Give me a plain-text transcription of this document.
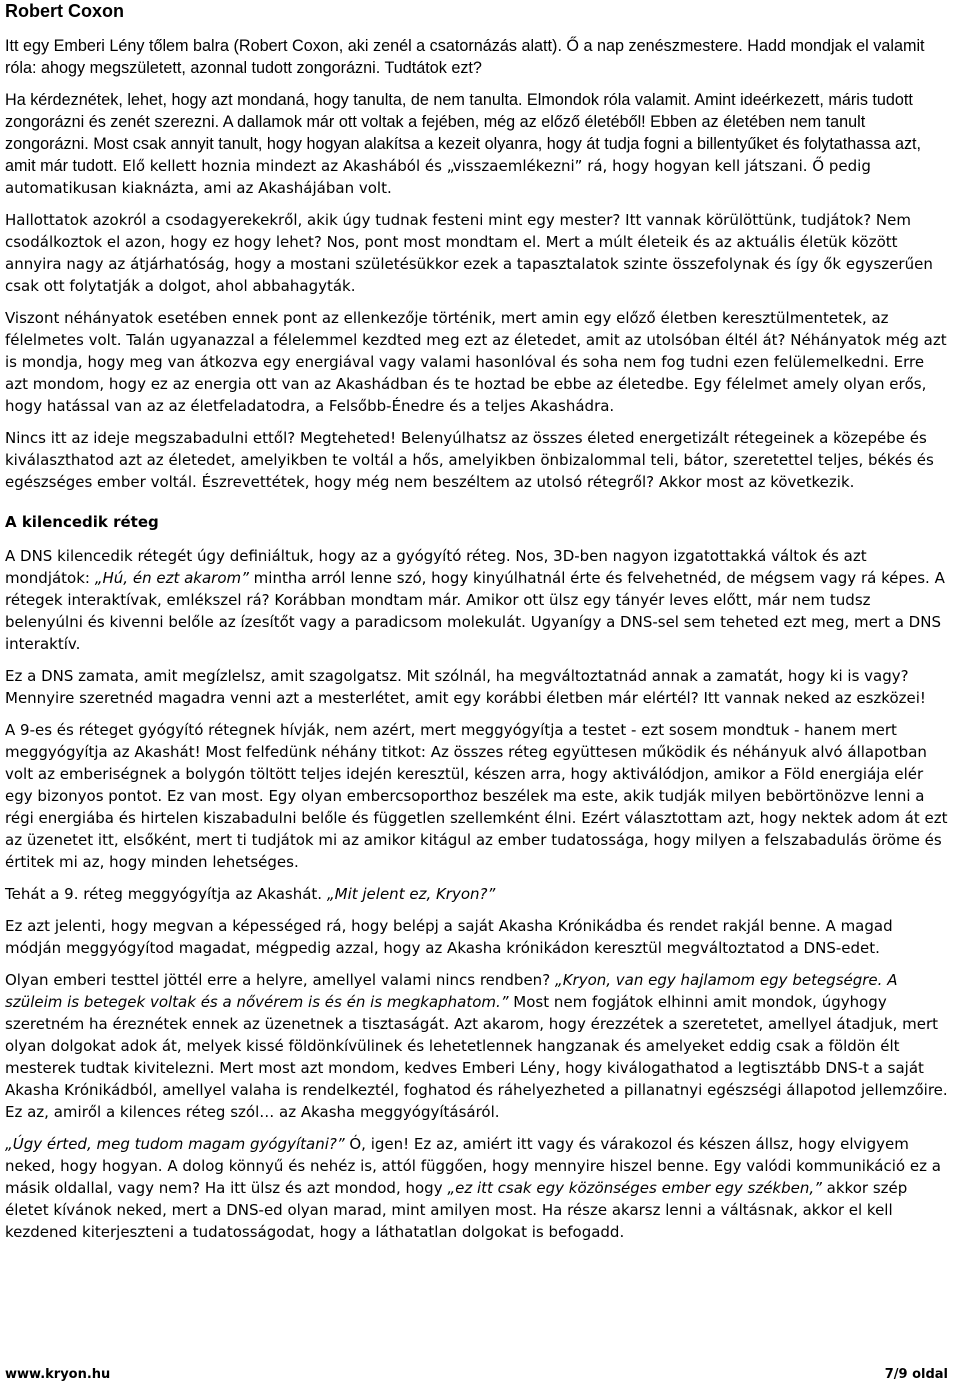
Robert Coxon

Itt egy Emberi Lény tőlem balra (Robert Coxon, aki zenél a csatornázás alatt). Ő a nap zenészmestere. Hadd mondjak el valamit róla: ahogy megszületett, azonnal tudott zongorázni. Tudtátok ezt?

Ha kérdeznétek, lehet, hogy azt mondaná, hogy tanulta, de nem tanulta. Elmondok róla valamit. Amint ideérkezett, máris tudott zongorázni és zenét szerezni. A dallamok már ott voltak a fejében, még az előző életéből! Ebben az életében nem tanult zongorázni. Most csak annyit tanult, hogy hogyan alakítsa a kezeit olyanra, hogy át tudja fogni a billentyűket és folytathassa azt, amit már tudott. Elő kellett hoznia mindezt az Akashából és „visszaemlékezni” rá, hogy hogyan kell játszani. Ő pedig automatikusan kiaknázta, ami az Akashájában volt.

Hallottatok azokról a csodagyerekekről, akik úgy tudnak festeni mint egy mester? Itt vannak körülöttünk, tudjátok? Nem csodálkoztok el azon, hogy ez hogy lehet? Nos, pont most mondtam el. Mert a múlt életeik és az aktuális életük között annyira nagy az átjárhatóság, hogy a mostani születésükkor ezek a tapasztalatok szinte összefolynak és így ők egyszerűen csak ott folytatják a dolgot, ahol abbahagyták.

Viszont néhányatok esetében ennek pont az ellenkezője történik, mert amin egy előző életben keresztülmentetek, az félelmetes volt. Talán ugyanazzal a félelemmel kezdted meg ezt az életedet, amit az utolsóban éltél át? Néhányatok még azt is mondja, hogy meg van átkozva egy energiával vagy valami hasonlóval és soha nem fog tudni ezen felülemelkedni. Erre azt mondom, hogy ez az energia ott van az Akashádban és te hoztad be ebbe az életedbe. Egy félelmet amely olyan erős, hogy hatással van az az életfeladatodra, a Felsőbb-Énedre és a teljes Akashádra.

Nincs itt az ideje megszabadulni ettől? Megteheted! Belenyúlhatsz az összes életed energetizált rétegeinek a közepébe és kiválaszthatod azt az életedet, amelyikben te voltál a hős, amelyikben önbizalommal teli, bátor, szeretettel teljes, békés és egészséges ember voltál. Észrevettétek, hogy még nem beszéltem az utolsó rétegről? Akkor most az következik.

A kilencedik réteg

A DNS kilencedik rétegét úgy definiáltuk, hogy az a gyógyító réteg. Nos, 3D-ben nagyon izgatottakká váltok és azt mondjátok: „Hú, én ezt akarom” mintha arról lenne szó, hogy kinyúlhatnál érte és felvehetnéd, de mégsem vagy rá képes. A rétegek interaktívak, emlékszel rá? Korábban mondtam már. Amikor ott ülsz egy tányér leves előtt, már nem tudsz belenyúlni és kivenni belőle az ízesítőt vagy a paradicsom molekulát. Ugyanígy a DNS-sel sem teheted ezt meg, mert a DNS interaktív.

Ez a DNS zamata, amit megízlelsz, amit szagolgatsz. Mit szólnál, ha megváltoztatnád annak a zamatát, hogy ki is vagy? Mennyire szeretnéd magadra venni azt a mesterlétet, amit egy korábbi életben már elértél? Itt vannak neked az eszközei!

A 9-es és réteget gyógyító rétegnek hívják, nem azért, mert meggyógyítja a testet - ezt sosem mondtuk - hanem mert meggyógyítja az Akashát! Most felfedünk néhány titkot: Az összes réteg együttesen működik és néhányuk alvó állapotban volt az emberiségnek a bolygón töltött teljes idején keresztül, készen arra, hogy aktiválódjon, amikor a Föld energiája elér egy bizonyos pontot. Ez van most. Egy olyan embercsoporthoz beszélek ma este, akik tudják milyen bebörtönözve lenni a régi energiába és hirtelen kiszabadulni belőle és független szellemként élni. Ezért választottam azt, hogy nektek adom át ezt az üzenetet itt, elsőként, mert ti tudjátok mi az amikor kitágul az ember tudatossága, hogy milyen a felszabadulás öröme és értitek mi az, hogy minden lehetséges.

Tehát a 9. réteg meggyógyítja az Akashát. „Mit jelent ez, Kryon?”

Ez azt jelenti, hogy megvan a képességed rá, hogy belépj a saját Akasha Krónikádba és rendet rakjál benne. A magad módján meggyógyítod magadat, mégpedig azzal, hogy az Akasha krónikádon keresztül megváltoztatod a DNS-edet.

Olyan emberi testtel jöttél erre a helyre, amellyel valami nincs rendben? „Kryon, van egy hajlamom egy betegségre. A szüleim is betegek voltak és a nővérem is és én is megkaphatom.” Most nem fogjátok elhinni amit mondok, úgyhogy szeretném ha éreznétek ennek az üzenetnek a tisztaságát. Azt akarom, hogy érezzétek a szeretetet, amellyel átadjuk, mert olyan dolgokat adok át, melyek kissé földönkívülinek és lehetetlennek hangzanak és amelyeket eddig csak a földön élt mesterek tudtak kivitelezni. Mert most azt mondom, kedves Emberi Lény, hogy kiválogathatod a legtisztább DNS-t a saját Akasha Krónikádból, amellyel valaha is rendelkeztél, foghatod és ráhelyezheted a pillanatnyi egészségi állapotod jellemzőire. Ez az, amiről a kilences réteg szól… az Akasha meggyógyításáról.

„Úgy érted, meg tudom magam gyógyítani?” Ó, igen! Ez az, amiért itt vagy és várakozol és készen állsz, hogy elvigyem neked, hogy hogyan. A dolog könnyű és nehéz is, attól függően, hogy mennyire hiszel benne. Egy valódi kommunikáció ez a másik oldallal, vagy nem? Ha itt ülsz és azt mondod, hogy „ez itt csak egy közönséges ember egy székben,” akkor szép életet kívánok neked, mert a DNS-ed olyan marad, mint amilyen most. Ha része akarsz lenni a váltásnak, akkor el kell kezdened kiterjeszteni a tudatosságodat, hogy a láthatatlan dolgokat is befogadd.

www.kryon.hu	7/9 oldal
